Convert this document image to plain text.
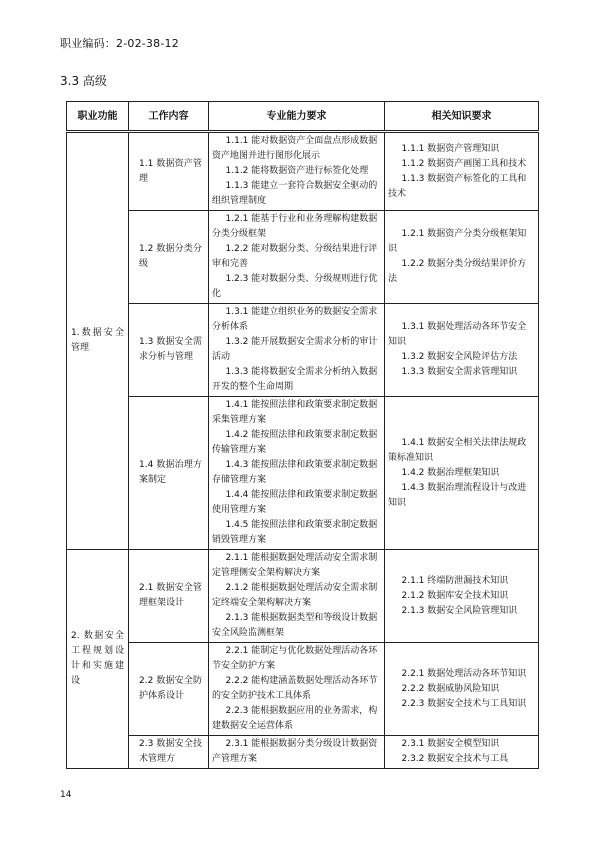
职业编码：2-02-38-12
3.3 高级
职业功能	工作内容	专业能力要求	相关知识要求
1.数据安全管理	1.1 数据资产管理	1.1.1 能对数据资产全面盘点形成数据资产地图并进行图形化展示
1.1.2 能将数据资产进行标签化处理
1.1.3 能建立一套符合数据安全驱动的组织管理制度	1.1.1 数据资产管理知识
1.1.2 数据资产画图工具和技术
1.1.3 数据资产标签化的工具和技术

	1.2 数据分类分级	1.2.1 能基于行业和业务理解构建数据分类分级框架
1.2.2 能对数据分类、分级结果进行评审和完善
1.2.3 能对数据分类、分级规则进行优化	1.2.1 数据资产分类分级框架知识
1.2.2 数据分类分级结果评价方法

	1.3 数据安全需求分析与管理	1.3.1 能建立组织业务的数据安全需求分析体系
1.3.2 能开展数据安全需求分析的审计活动
1.3.3 能将数据安全需求分析纳入数据开发的整个生命周期	1.3.1 数据处理活动各环节安全知识
1.3.2 数据安全风险评估方法
1.3.3 数据安全需求管理知识

	1.4 数据治理方案制定	1.4.1 能按照法律和政策要求制定数据采集管理方案
1.4.2 能按照法律和政策要求制定数据传输管理方案
1.4.3 能按照法律和政策要求制定数据存储管理方案
1.4.4 能按照法律和政策要求制定数据使用管理方案
1.4.5 能按照法律和政策要求制定数据销毁管理方案	1.4.1 数据安全相关法律法规政策标准知识
1.4.2 数据治理框架知识
1.4.3 数据治理流程设计与改进知识

2. 数据安全工程规划设计和实施建设	2.1 数据安全管理框架设计	2.1.1 能根据数据处理活动安全需求制定管理侧安全架构解决方案
2.1.2 能根据数据处理活动安全需求制定终端安全架构解决方案
2.1.3 能根据数据类型和等级设计数据安全风险监测框架	2.1.1 终端防泄漏技术知识
2.1.2 数据库安全技术知识
2.1.3 数据安全风险管理知识

	2.2 数据安全防护体系设计	2.2.1 能制定与优化数据处理活动各环节安全防护方案
2.2.2 能构建涵盖数据处理活动各环节的安全防护技术工具体系
2.2.3 能根据数据应用的业务需求，构建数据安全运营体系	2.2.1 数据处理活动各环节知识
2.2.2 数据威胁风险知识
2.2.3 数据安全技术与工具知识

	2.3 数据安全技术管理方	2.3.1 能根据数据分类分级设计数据资产管理方案	2.3.1 数据安全模型知识
2.3.2 数据安全技术与工具
14
